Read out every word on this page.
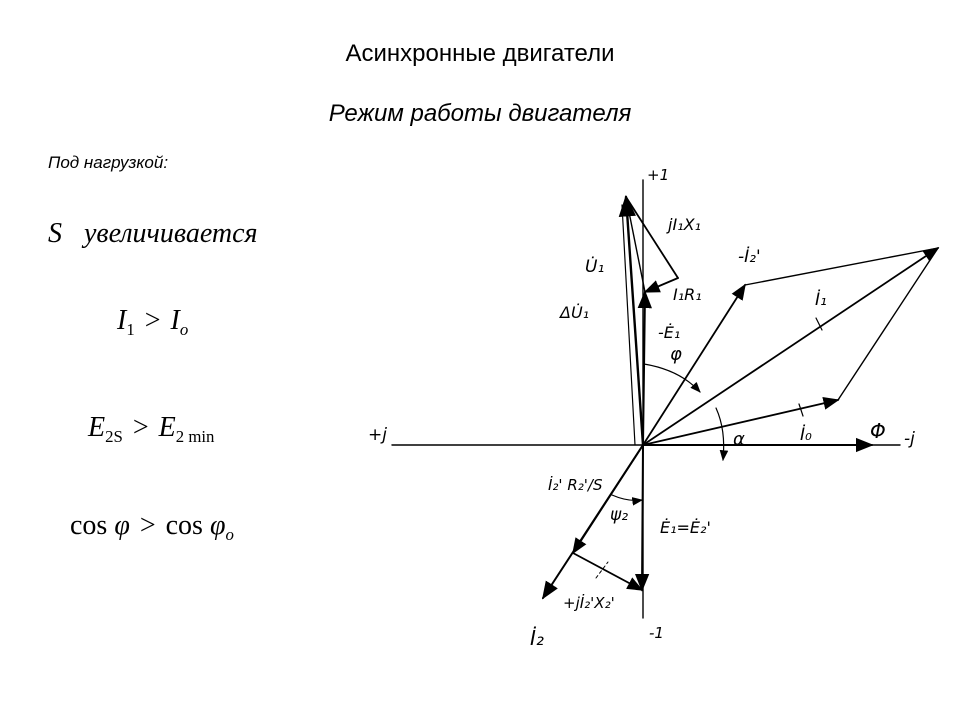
Асинхронные двигатели
Режим работы двигателя
Под нагрузкой:
S увеличивается
$I_1 > I_o$
$E_{2S} > E_{2 min}$
$\cos \varphi > \cos \varphi_o$
+1
-1
+j	-j
Φ
jI₁X₁
-İ₂'
U̇₁
I₁R₁	İ₁
ΔU̇₁
-Ė₁
φ
α	İ₀
İ₂' R₂'/S
ψ₂
Ė₁=Ė₂'
+jİ₂'X₂'
İ₂
